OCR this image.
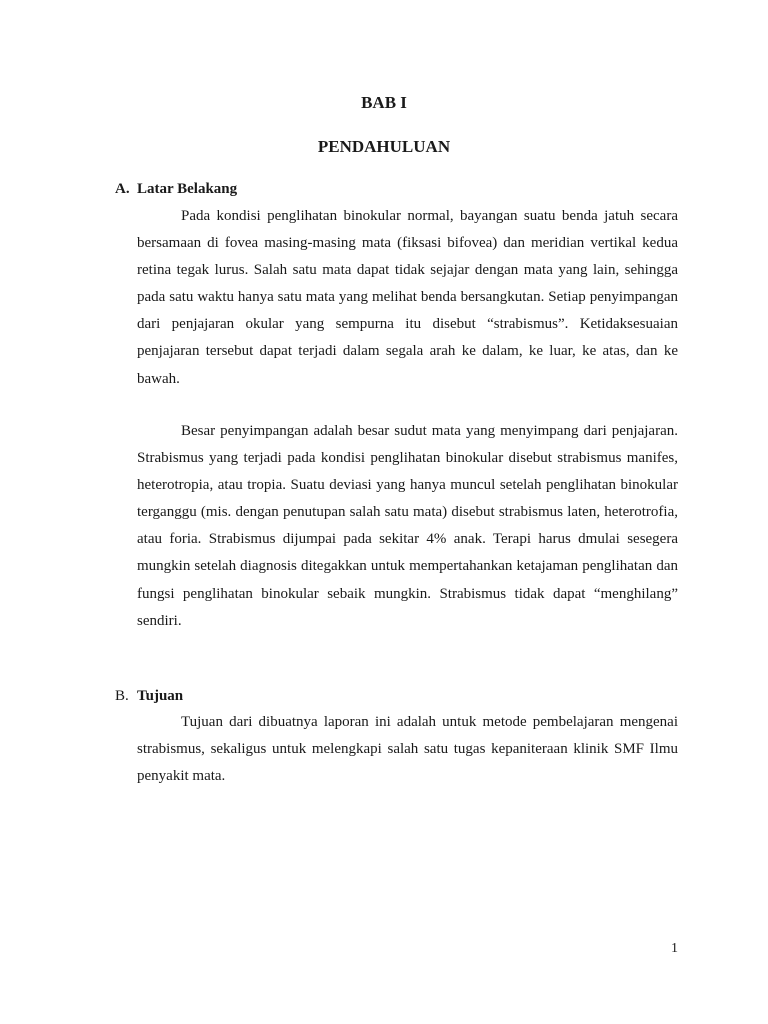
BAB I
PENDAHULUAN
A. Latar Belakang

Pada kondisi penglihatan binokular normal, bayangan suatu benda jatuh secara bersamaan di fovea masing-masing mata (fiksasi bifovea) dan meridian vertikal kedua retina tegak lurus. Salah satu mata dapat tidak sejajar dengan mata yang lain, sehingga pada satu waktu hanya satu mata yang melihat benda bersangkutan. Setiap penyimpangan dari penjajaran okular yang sempurna itu disebut “strabismus”. Ketidaksesuaian penjajaran tersebut dapat terjadi dalam segala arah ke dalam, ke luar, ke atas, dan ke bawah.

Besar penyimpangan adalah besar sudut mata yang menyimpang dari penjajaran. Strabismus yang terjadi pada kondisi penglihatan binokular disebut strabismus manifes, heterotropia, atau tropia. Suatu deviasi yang hanya muncul setelah penglihatan binokular terganggu (mis. dengan penutupan salah satu mata) disebut strabismus laten, heterotrofia, atau foria. Strabismus dijumpai pada sekitar 4% anak. Terapi harus dmulai sesegera mungkin setelah diagnosis ditegakkan untuk mempertahankan ketajaman penglihatan dan fungsi penglihatan binokular sebaik mungkin. Strabismus tidak dapat “menghilang” sendiri.

B. Tujuan

Tujuan dari dibuatnya laporan ini adalah untuk metode pembelajaran mengenai strabismus, sekaligus untuk melengkapi salah satu tugas kepaniteraan klinik SMF Ilmu penyakit mata.

1
